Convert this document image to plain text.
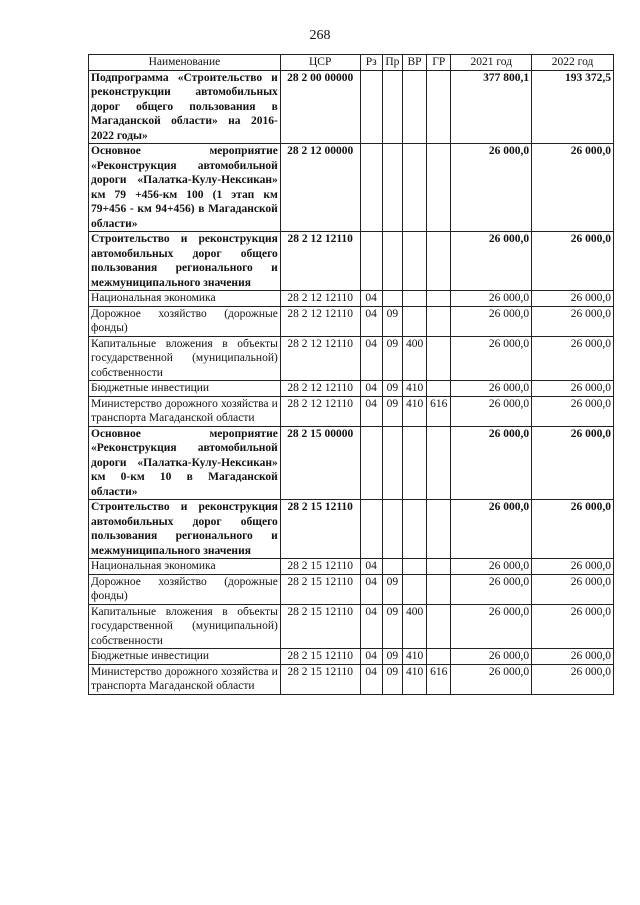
268
Наименование	ЦСР	Рз	Пр	ВР	ГР	2021 год	2022 год
Подпрограмма «Строительство и реконструкции автомобильных дорог общего пользования в Магаданской области» на 2016-2022 годы»	28 2 00 00000					377 800,1	193 372,5
Основное мероприятие «Реконструкция автомобильной дороги «Палатка-Кулу-Нексикан» км 79 +456-км 100 (1 этап км 79+456 - км 94+456) в Магаданской области»	28 2 12 00000					26 000,0	26 000,0
Строительство и реконструкция автомобильных дорог общего пользования регионального и межмуниципального значения	28 2 12 12110					26 000,0	26 000,0
Национальная экономика	28 2 12 12110	04				26 000,0	26 000,0
Дорожное хозяйство (дорожные фонды)	28 2 12 12110	04	09			26 000,0	26 000,0
Капитальные вложения в объекты государственной (муниципальной) собственности	28 2 12 12110	04	09	400		26 000,0	26 000,0
Бюджетные инвестиции	28 2 12 12110	04	09	410		26 000,0	26 000,0
Министерство дорожного хозяйства и транспорта Магаданской области	28 2 12 12110	04	09	410	616	26 000,0	26 000,0
Основное мероприятие «Реконструкция автомобильной дороги «Палатка-Кулу-Нексикан» км 0-км 10 в Магаданской области»	28 2 15 00000					26 000,0	26 000,0
Строительство и реконструкция автомобильных дорог общего пользования регионального и межмуниципального значения	28 2 15 12110					26 000,0	26 000,0
Национальная экономика	28 2 15 12110	04				26 000,0	26 000,0
Дорожное хозяйство (дорожные фонды)	28 2 15 12110	04	09			26 000,0	26 000,0
Капитальные вложения в объекты государственной (муниципальной) собственности	28 2 15 12110	04	09	400		26 000,0	26 000,0
Бюджетные инвестиции	28 2 15 12110	04	09	410		26 000,0	26 000,0
Министерство дорожного хозяйства и транспорта Магаданской области	28 2 15 12110	04	09	410	616	26 000,0	26 000,0
